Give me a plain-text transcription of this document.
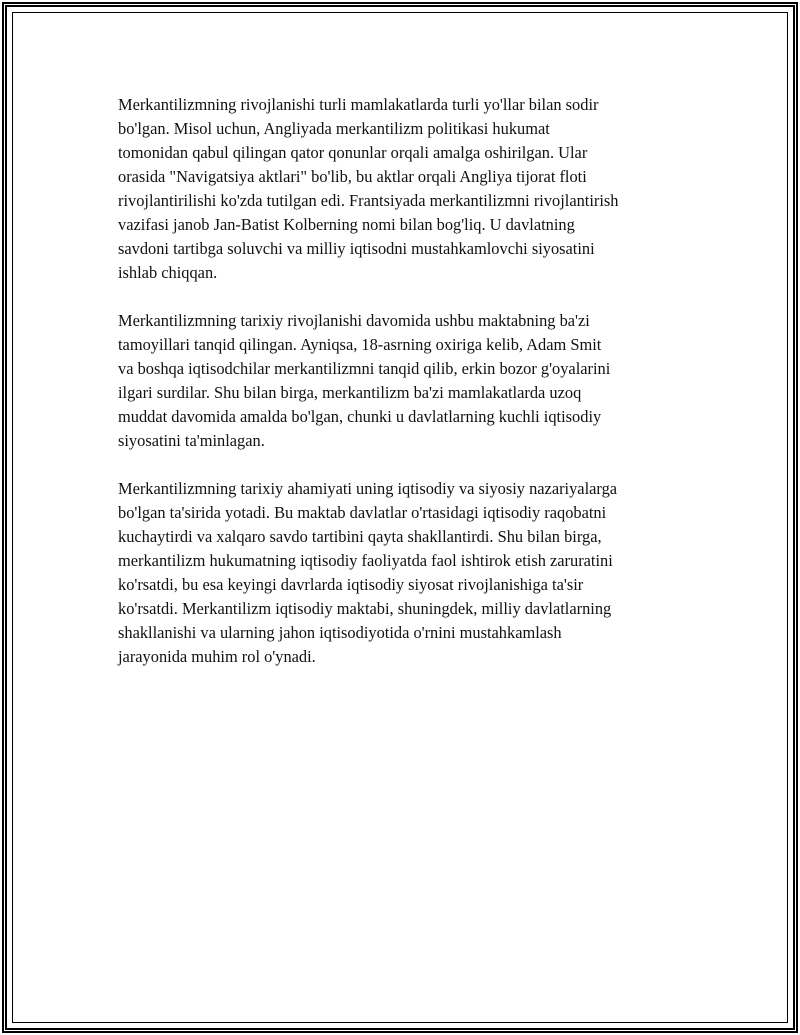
Merkantilizmning rivojlanishi turli mamlakatlarda turli yo'llar bilan sodir
bo'lgan. Misol uchun, Angliyada merkantilizm politikasi hukumat
tomonidan qabul qilingan qator qonunlar orqali amalga oshirilgan. Ular
orasida "Navigatsiya aktlari" bo'lib, bu aktlar orqali Angliya tijorat floti
rivojlantirilishi ko'zda tutilgan edi. Frantsiyada merkantilizmni rivojlantirish
vazifasi janob Jan-Batist Kolberning nomi bilan bog'liq. U davlatning
savdoni tartibga soluvchi va milliy iqtisodni mustahkamlovchi siyosatini
ishlab chiqqan.

Merkantilizmning tarixiy rivojlanishi davomida ushbu maktabning ba'zi
tamoyillari tanqid qilingan. Ayniqsa, 18-asrning oxiriga kelib, Adam Smit
va boshqa iqtisodchilar merkantilizmni tanqid qilib, erkin bozor g'oyalarini
ilgari surdilar. Shu bilan birga, merkantilizm ba'zi mamlakatlarda uzoq
muddat davomida amalda bo'lgan, chunki u davlatlarning kuchli iqtisodiy
siyosatini ta'minlagan.

Merkantilizmning tarixiy ahamiyati uning iqtisodiy va siyosiy nazariyalarga
bo'lgan ta'sirida yotadi. Bu maktab davlatlar o'rtasidagi iqtisodiy raqobatni
kuchaytirdi va xalqaro savdo tartibini qayta shakllantirdi. Shu bilan birga,
merkantilizm hukumatning iqtisodiy faoliyatda faol ishtirok etish zaruratini
ko'rsatdi, bu esa keyingi davrlarda iqtisodiy siyosat rivojlanishiga ta'sir
ko'rsatdi. Merkantilizm iqtisodiy maktabi, shuningdek, milliy davlatlarning
shakllanishi va ularning jahon iqtisodiyotida o'rnini mustahkamlash
jarayonida muhim rol o'ynadi.
